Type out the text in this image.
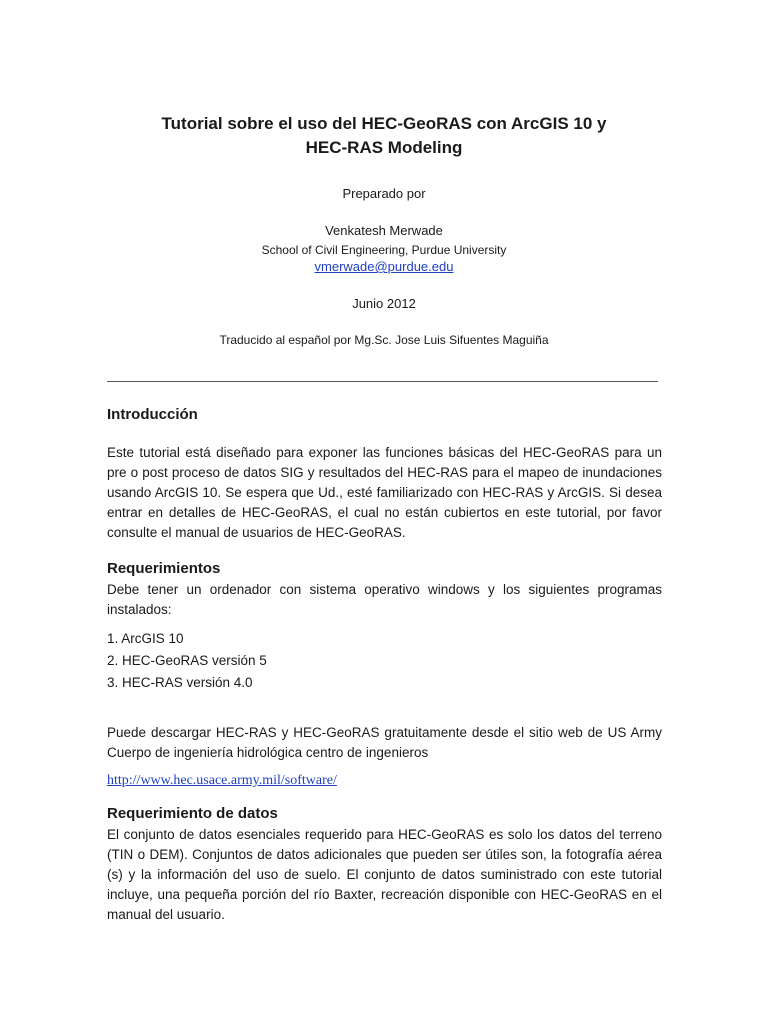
Tutorial sobre el uso del HEC-GeoRAS con ArcGIS 10 y
HEC-RAS Modeling
Preparado por
Venkatesh Merwade
School of Civil Engineering, Purdue University
vmerwade@purdue.edu
Junio 2012
Traducido al español por Mg.Sc. Jose Luis Sifuentes Maguiña
Introducción
Este tutorial está diseñado para exponer las funciones básicas del HEC-GeoRAS para un
pre o post proceso de datos SIG y resultados del HEC-RAS para el mapeo de inundaciones
usando ArcGIS 10. Se espera que Ud., esté familiarizado con HEC-RAS y ArcGIS. Si desea
entrar en detalles de HEC-GeoRAS, el cual no están cubiertos en este tutorial, por favor
consulte el manual de usuarios de HEC-GeoRAS.
Requerimientos
Debe tener un ordenador con sistema operativo windows y los siguientes programas
instalados:
1. ArcGIS 10
2. HEC-GeoRAS versión 5
3. HEC-RAS versión 4.0
Puede descargar HEC-RAS y HEC-GeoRAS gratuitamente desde el sitio web de US Army
Cuerpo de ingeniería hidrológica centro de ingenieros
http://www.hec.usace.army.mil/software/
Requerimiento de datos
El conjunto de datos esenciales requerido para HEC-GeoRAS es solo los datos del terreno
(TIN o DEM). Conjuntos de datos adicionales que pueden ser útiles son, la fotografía aérea
(s) y la información del uso de suelo. El conjunto de datos suministrado con este tutorial
incluye, una pequeña porción del río Baxter, recreación disponible con HEC-GeoRAS en el
manual del usuario.
